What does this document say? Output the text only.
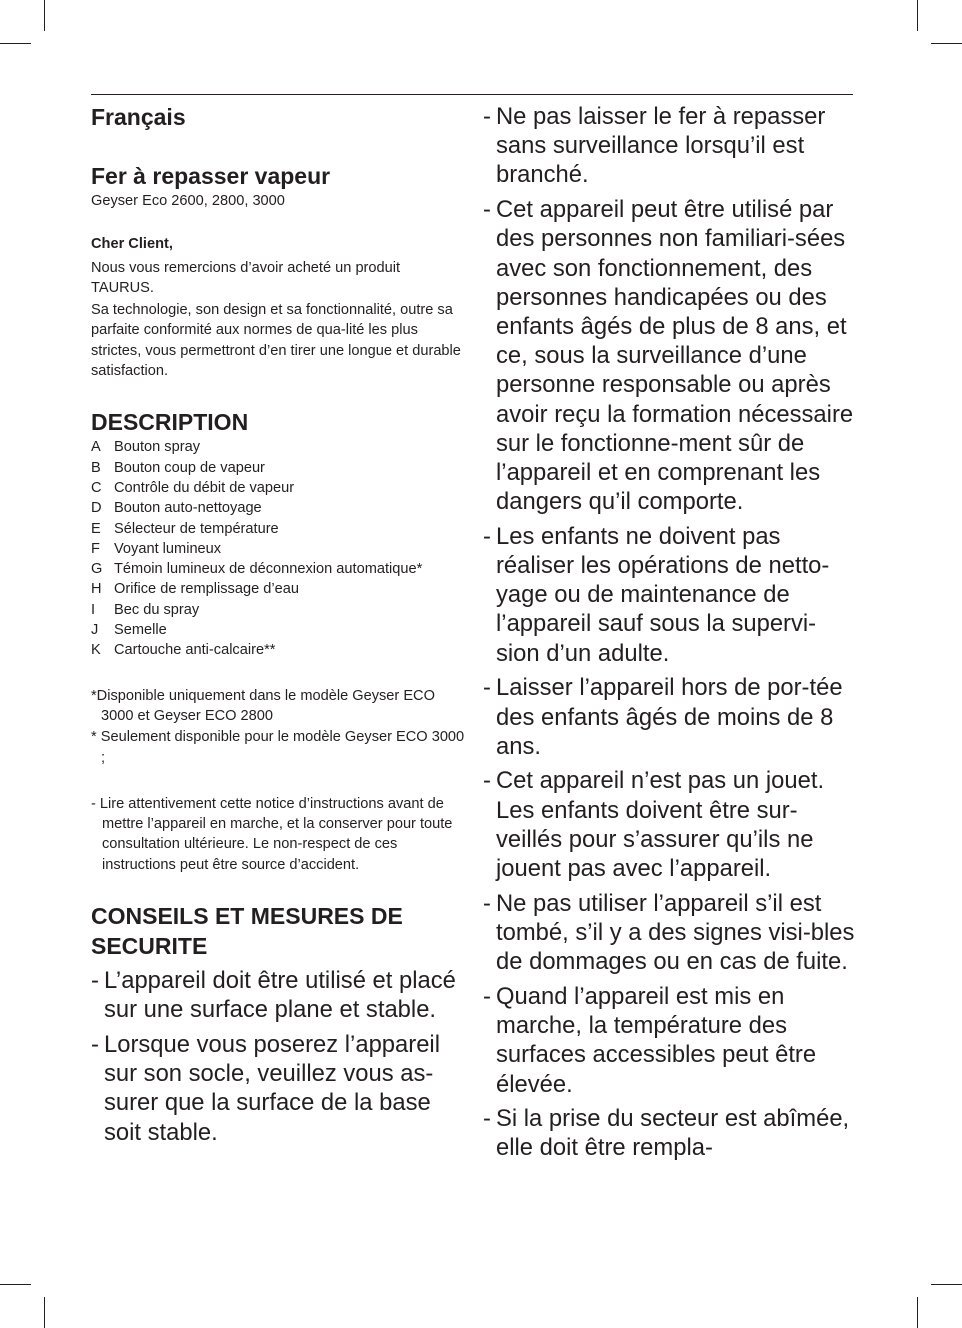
Français

Fer à repasser vapeur

Geyser Eco 2600, 2800, 3000

Cher Client,

Nous vous remercions d’avoir acheté un produit TAURUS.

Sa technologie, son design et sa fonctionnalité, outre sa parfaite conformité aux normes de qua-lité les plus strictes, vous permettront d’en tirer une longue et durable satisfaction.

DESCRIPTION

A Bouton spray
B Bouton coup de vapeur
C Contrôle du débit de vapeur
D Bouton auto-nettoyage
E Sélecteur de température
F Voyant lumineux
G Témoin lumineux de déconnexion automatique*
H Orifice de remplissage d’eau
I Bec du spray
J Semelle
K Cartouche anti-calcaire**

*Disponible uniquement dans le modèle Geyser ECO 3000 et Geyser ECO 2800

* Seulement disponible pour le modèle Geyser ECO 3000 ;

- Lire attentivement cette notice d’instructions avant de mettre l’appareil en marche, et la conserver pour toute consultation ultérieure. Le non-respect de ces instructions peut être source d’accident.

CONSEILS ET MESURES DE SECURITE

- L’appareil doit être utilisé et placé sur une surface plane et stable.

- Lorsque vous poserez l’appareil sur son socle, veuillez vous as-surer que la surface de la base soit stable.

- Ne pas laisser le fer à repasser sans surveillance lorsqu’il est branché.

- Cet appareil peut être utilisé par des personnes non familiari-sées avec son fonctionnement, des personnes handicapées ou des enfants âgés de plus de 8 ans, et ce, sous la surveillance d’une personne responsable ou après avoir reçu la formation nécessaire sur le fonctionne-ment sûr de l’appareil et en comprenant les dangers qu’il comporte.

- Les enfants ne doivent pas réaliser les opérations de netto-yage ou de maintenance de l’appareil sauf sous la supervi-sion d’un adulte.

- Laisser l’appareil hors de por-tée des enfants âgés de moins de 8 ans.

- Cet appareil n’est pas un jouet. Les enfants doivent être sur-veillés pour s’assurer qu’ils ne jouent pas avec l’appareil.

- Ne pas utiliser l’appareil s’il est tombé, s’il y a des signes visi-bles de dommages ou en cas de fuite.

- Quand l’appareil est mis en marche, la température des surfaces accessibles peut être élevée.

- Si la prise du secteur est abîmée, elle doit être rempla-
